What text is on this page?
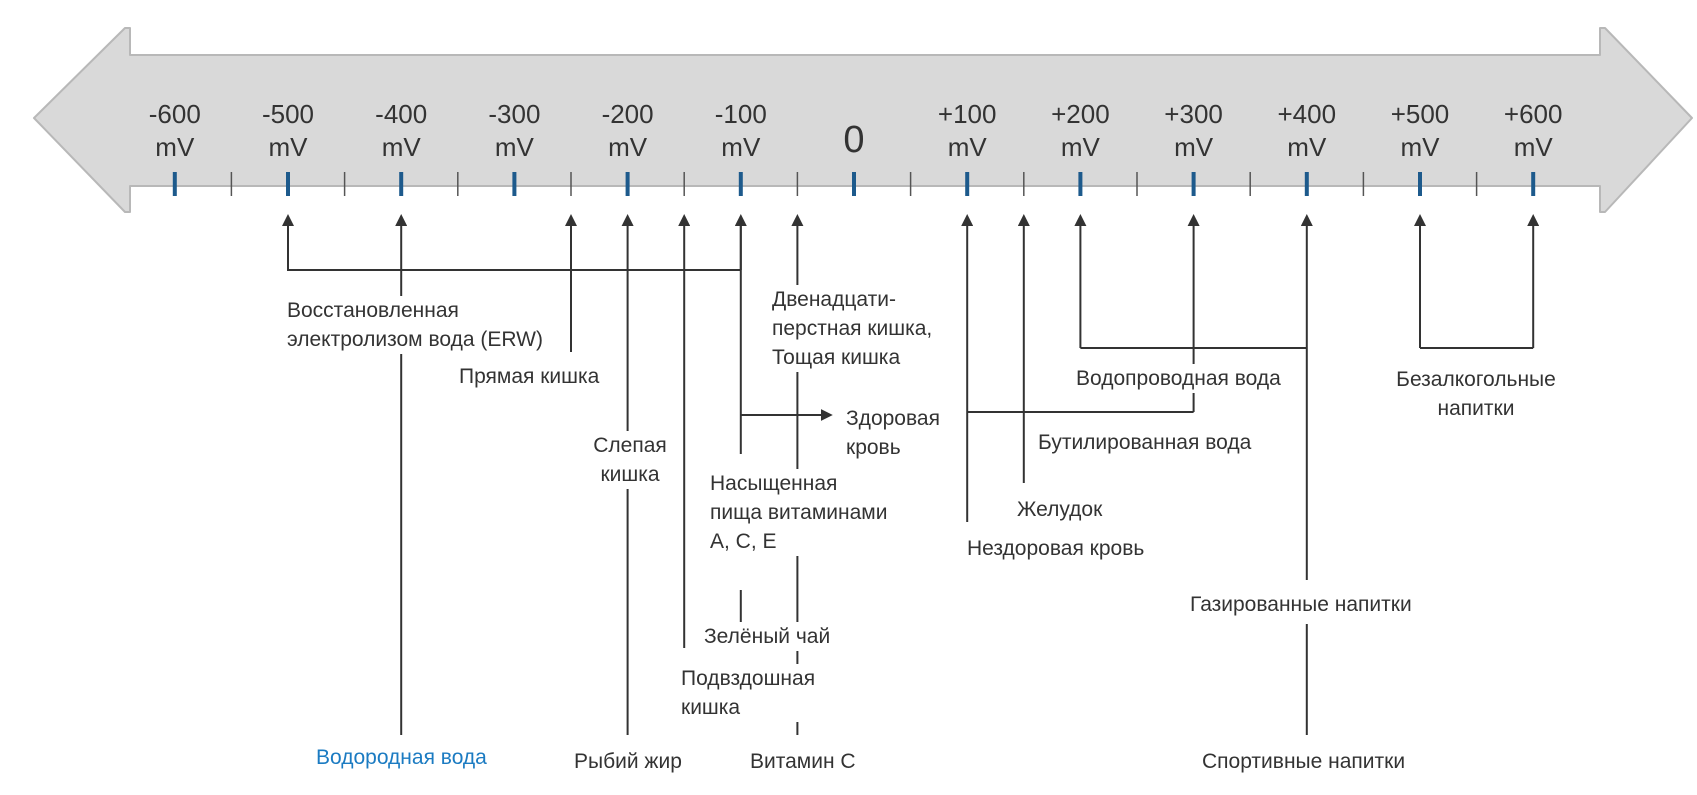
-600
mV
-500
mV
-400
mV
-300
mV
-200
mV
-100
mV 0
+100
mV
+200
mV
+300
mV
+400
mV
+500
mV
+600
mV
Восстановленная
электролизом вода (ERW)
Прямая кишка
Слепая
кишка
Двенадцати-
перстная кишка,
Тощая кишка
Здоровая
кровь
Насыщенная
пища витаминами
A, C, E
Зелёный чай
Подвздошная
кишка
Водородная вода	Рыбий жир	Витамин C
Водопроводная вода
Бутилированная вода
Желудок
Нездоровая кровь
Газированные напитки
Спортивные напитки
Безалкогольные
напитки
